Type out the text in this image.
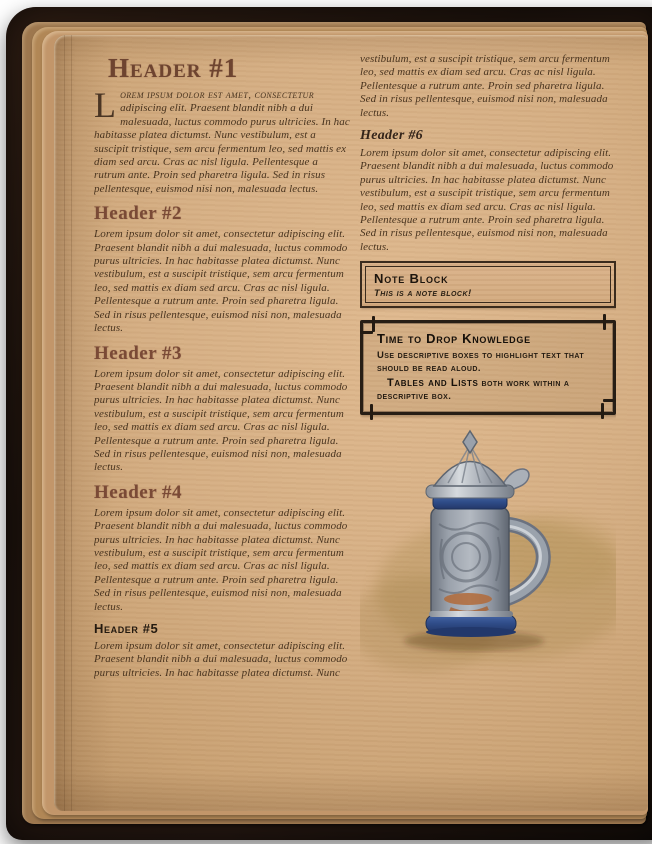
Header #1

Lorem ipsum dolor est amet, consectetur adipiscing elit. Praesent blandit nibh a dui malesuada, luctus commodo purus ultricies. In hac habitasse platea dictumst. Nunc vestibulum, est a suscipit tristique, sem arcu fermentum leo, sed mattis ex diam sed arcu. Cras ac nisl ligula. Pellentesque a rutrum ante. Proin sed pharetra ligula. Sed in risus pellentesque, euismod nisi non, malesuada lectus.

Header #2

Lorem ipsum dolor sit amet, consectetur adipiscing elit. Praesent blandit nibh a dui malesuada, luctus commodo purus ultricies. In hac habitasse platea dictumst. Nunc vestibulum, est a suscipit tristique, sem arcu fermentum leo, sed mattis ex diam sed arcu. Cras ac nisl ligula. Pellentesque a rutrum ante. Proin sed pharetra ligula. Sed in risus pellentesque, euismod nisi non, malesuada lectus.

Header #3

Lorem ipsum dolor sit amet, consectetur adipiscing elit. Praesent blandit nibh a dui malesuada, luctus commodo purus ultricies. In hac habitasse platea dictumst. Nunc vestibulum, est a suscipit tristique, sem arcu fermentum leo, sed mattis ex diam sed arcu. Cras ac nisl ligula. Pellentesque a rutrum ante. Proin sed pharetra ligula. Sed in risus pellentesque, euismod nisi non, malesuada lectus.

Header #4

Lorem ipsum dolor sit amet, consectetur adipiscing elit. Praesent blandit nibh a dui malesuada, luctus commodo purus ultricies. In hac habitasse platea dictumst. Nunc vestibulum, est a suscipit tristique, sem arcu fermentum leo, sed mattis ex diam sed arcu. Cras ac nisl ligula. Pellentesque a rutrum ante. Proin sed pharetra ligula. Sed in risus pellentesque, euismod nisi non, malesuada lectus.

Header #5

Lorem ipsum dolor sit amet, consectetur adipiscing elit. Praesent blandit nibh a dui malesuada, luctus commodo purus ultricies. In hac habitasse platea dictumst. Nunc

vestibulum, est a suscipit tristique, sem arcu fermentum leo, sed mattis ex diam sed arcu. Cras ac nisl ligula. Pellentesque a rutrum ante. Proin sed pharetra ligula. Sed in risus pellentesque, euismod nisi non, malesuada lectus.

Header #6

Lorem ipsum dolor sit amet, consectetur adipiscing elit. Praesent blandit nibh a dui malesuada, luctus commodo purus ultricies. In hac habitasse platea dictumst. Nunc vestibulum, est a suscipit tristique, sem arcu fermentum leo, sed mattis ex diam sed arcu. Cras ac nisl ligula. Pellentesque a rutrum ante. Proin sed pharetra ligula. Sed in risus pellentesque, euismod nisi non, malesuada lectus.

Note Block

This is a note block!

Time to Drop Knowledge

Use descriptive boxes to highlight text that should be read aloud.

Tables and Lists both work within a descriptive box.
